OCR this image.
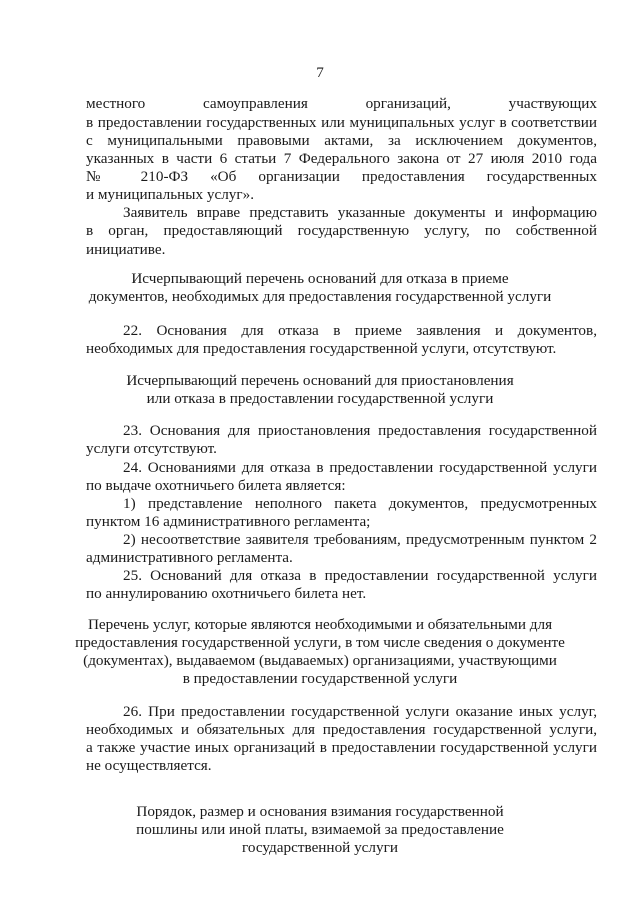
7
местного самоуправления организаций, участвующих
в предоставлении государственных или муниципальных услуг в соответствии
с муниципальными правовыми актами, за исключением документов,
указанных в части 6 статьи 7 Федерального закона от 27 июля 2010 года
№ 210-ФЗ «Об организации предоставления государственных
и муниципальных услуг».
Заявитель вправе представить указанные документы и информацию
в орган, предоставляющий государственную услугу, по собственной
инициативе.
Исчерпывающий перечень оснований для отказа в приеме
документов, необходимых для предоставления государственной услуги
22. Основания для отказа в приеме заявления и документов,
необходимых для предоставления государственной услуги, отсутствуют.
Исчерпывающий перечень оснований для приостановления
или отказа в предоставлении государственной услуги
23. Основания для приостановления предоставления государственной
услуги отсутствуют.
24. Основаниями для отказа в предоставлении государственной услуги
по выдаче охотничьего билета является:
1) представление неполного пакета документов, предусмотренных
пунктом 16 административного регламента;
2) несоответствие заявителя требованиям, предусмотренным пунктом 2
административного регламента.
25. Оснований для отказа в предоставлении государственной услуги
по аннулированию охотничьего билета нет.
Перечень услуг, которые являются необходимыми и обязательными для
предоставления государственной услуги, в том числе сведения о документе
(документах), выдаваемом (выдаваемых) организациями, участвующими
в предоставлении государственной услуги
26. При предоставлении государственной услуги оказание иных услуг,
необходимых и обязательных для предоставления государственной услуги,
а также участие иных организаций в предоставлении государственной услуги
не осуществляется.
Порядок, размер и основания взимания государственной
пошлины или иной платы, взимаемой за предоставление
государственной услуги
